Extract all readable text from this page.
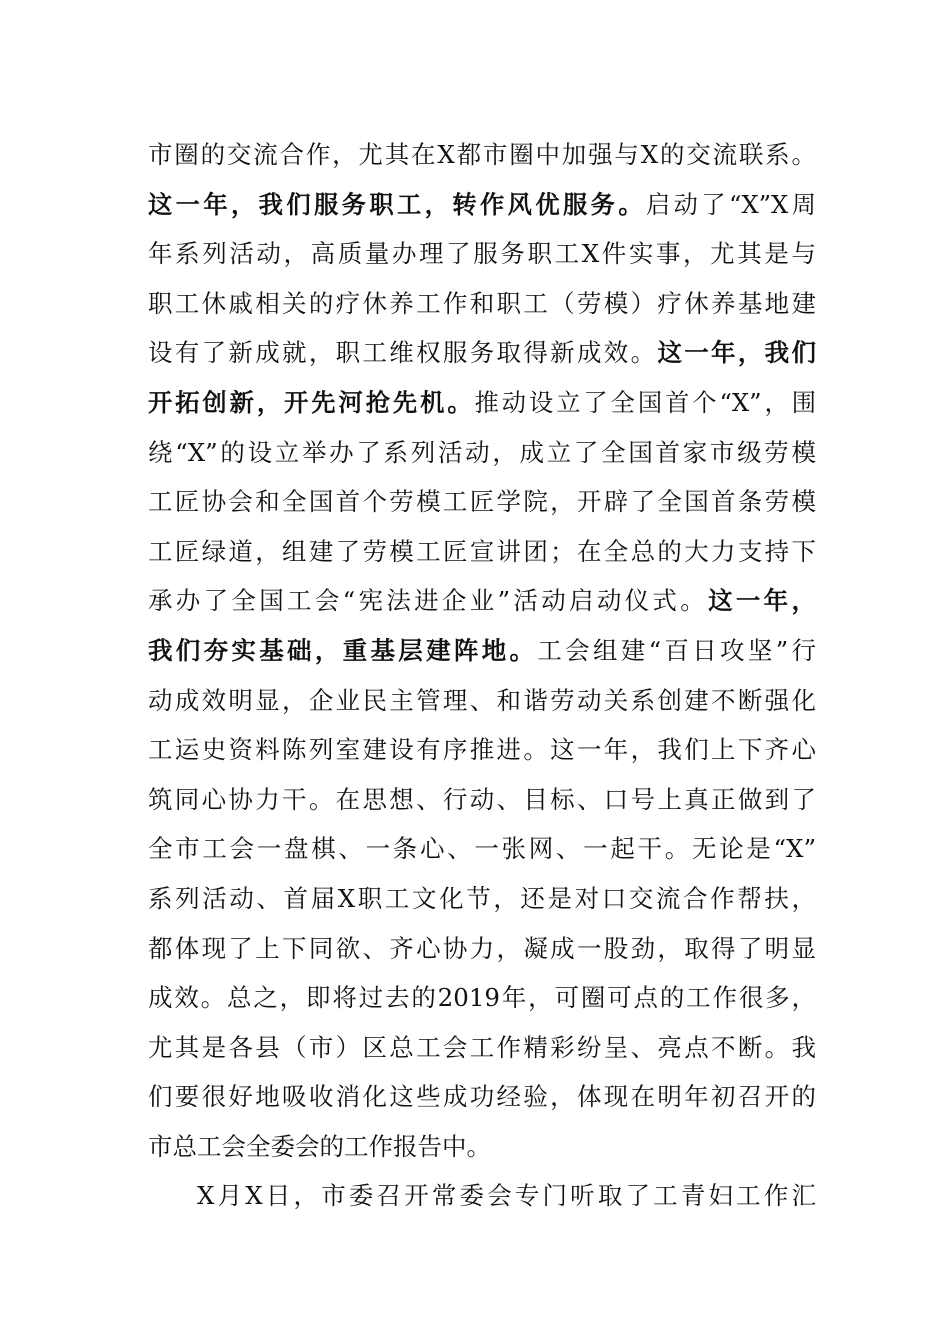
市圈的交流合作，尤其在X都市圈中加强与X的交流联系。
这一年，我们服务职工，转作风优服务。启动了“X”X周
年系列活动，高质量办理了服务职工X件实事，尤其是与
职工休戚相关的疗休养工作和职工（劳模）疗休养基地建
设有了新成就，职工维权服务取得新成效。这一年，我们
开拓创新，开先河抢先机。推动设立了全国首个“X”，围
绕“X”的设立举办了系列活动，成立了全国首家市级劳模
工匠协会和全国首个劳模工匠学院，开辟了全国首条劳模
工匠绿道，组建了劳模工匠宣讲团；在全总的大力支持下
承办了全国工会“宪法进企业”活动启动仪式。这一年，
我们夯实基础，重基层建阵地。工会组建“百日攻坚”行
动成效明显，企业民主管理、和谐劳动关系创建不断强化
工运史资料陈列室建设有序推进。这一年，我们上下齐心
筑同心协力干。在思想、行动、目标、口号上真正做到了
全市工会一盘棋、一条心、一张网、一起干。无论是“X”
系列活动、首届X职工文化节，还是对口交流合作帮扶，
都体现了上下同欲、齐心协力，凝成一股劲，取得了明显
成效。总之，即将过去的2019年，可圈可点的工作很多，
尤其是各县（市）区总工会工作精彩纷呈、亮点不断。我
们要很好地吸收消化这些成功经验，体现在明年初召开的
市总工会全委会的工作报告中。
X月X日，市委召开常委会专门听取了工青妇工作汇
